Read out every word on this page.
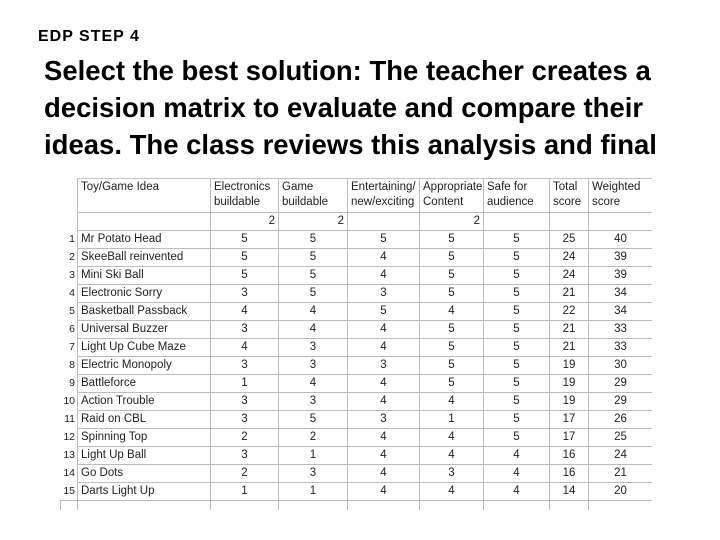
EDP STEP 4
Select the best solution: The teacher creates a decision matrix to evaluate and compare their ideas. The class reviews this analysis and final
	Toy/Game Idea	Electronics buildable	Game buildable	Entertaining/ new/exciting	Appropriate Content	Safe for audience	Total score	Weighted score
		2	2		2			
1	Mr Potato Head	5	5	5	5	5	25	40
2	SkeeBall reinvented	5	5	4	5	5	24	39
3	Mini Ski Ball	5	5	4	5	5	24	39
4	Electronic Sorry	3	5	3	5	5	21	34
5	Basketball Passback	4	4	5	4	5	22	34
6	Universal Buzzer	3	4	4	5	5	21	33
7	Light Up Cube Maze	4	3	4	5	5	21	33
8	Electric Monopoly	3	3	3	5	5	19	30
9	Battleforce	1	4	4	5	5	19	29
10	Action Trouble	3	3	4	4	5	19	29
11	Raid on CBL	3	5	3	1	5	17	26
12	Spinning Top	2	2	4	4	5	17	25
13	Light Up Ball	3	1	4	4	4	16	24
14	Go Dots	2	3	4	3	4	16	21
15	Darts Light Up	1	1	4	4	4	14	20
